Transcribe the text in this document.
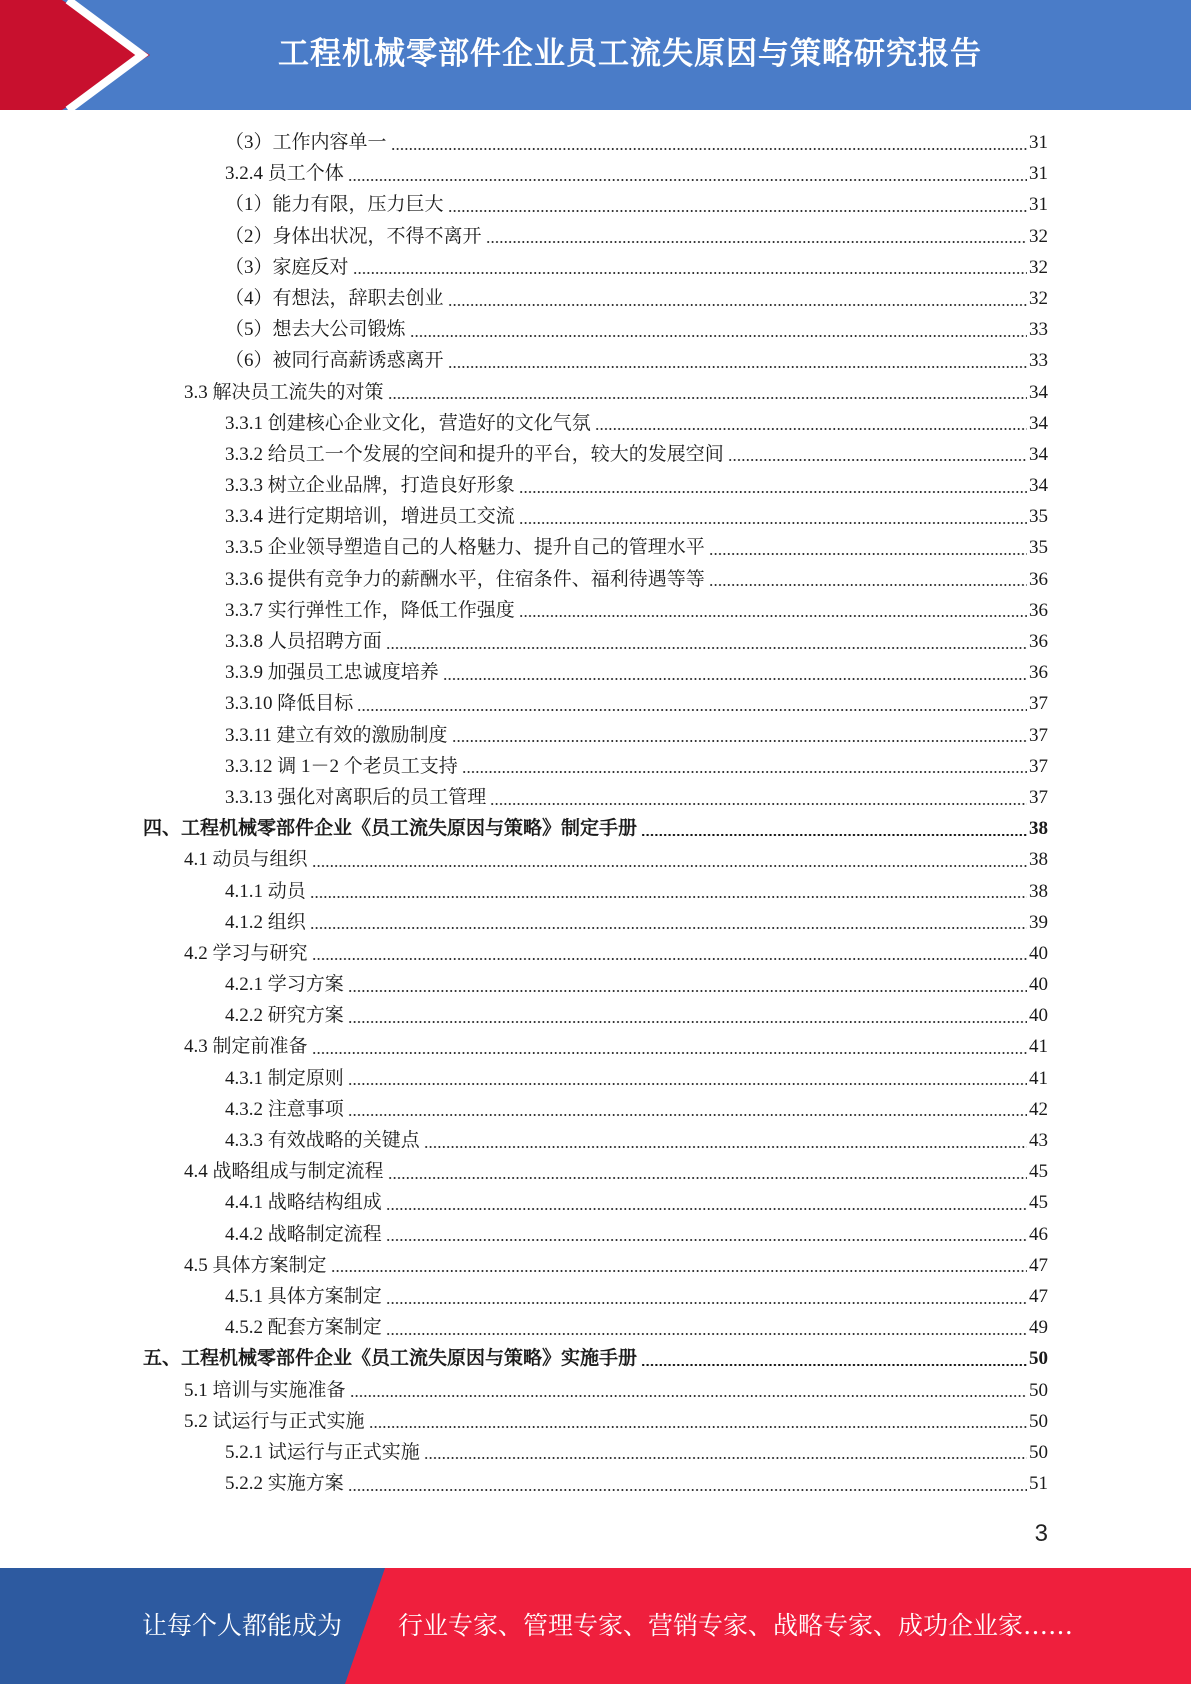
工程机械零部件企业员工流失原因与策略研究报告
（3）工作内容单一	31
3.2.4 员工个体	31
（1）能力有限，压力巨大	31
（2）身体出状况，不得不离开	32
（3）家庭反对	32
（4）有想法，辞职去创业	32
（5）想去大公司锻炼	33
（6）被同行高薪诱惑离开	33
3.3 解决员工流失的对策	34
3.3.1 创建核心企业文化，营造好的文化气氛	34
3.3.2 给员工一个发展的空间和提升的平台，较大的发展空间	34
3.3.3 树立企业品牌，打造良好形象	34
3.3.4 进行定期培训，增进员工交流	35
3.3.5 企业领导塑造自己的人格魅力、提升自己的管理水平	35
3.3.6 提供有竞争力的薪酬水平，住宿条件、福利待遇等等	36
3.3.7 实行弹性工作，降低工作强度	36
3.3.8 人员招聘方面	36
3.3.9 加强员工忠诚度培养	36
3.3.10 降低目标	37
3.3.11 建立有效的激励制度	37
3.3.12 调 1－2 个老员工支持	37
3.3.13 强化对离职后的员工管理	37
四、工程机械零部件企业《员工流失原因与策略》制定手册	38
4.1 动员与组织	38
4.1.1 动员	38
4.1.2 组织	39
4.2 学习与研究	40
4.2.1 学习方案	40
4.2.2 研究方案	40
4.3 制定前准备	41
4.3.1 制定原则	41
4.3.2 注意事项	42
4.3.3 有效战略的关键点	43
4.4 战略组成与制定流程	45
4.4.1 战略结构组成	45
4.4.2 战略制定流程	46
4.5 具体方案制定	47
4.5.1 具体方案制定	47
4.5.2 配套方案制定	49
五、工程机械零部件企业《员工流失原因与策略》实施手册	50
5.1 培训与实施准备	50
5.2 试运行与正式实施	50
5.2.1 试运行与正式实施	50
5.2.2 实施方案	51
3
让每个人都能成为 行业专家、管理专家、营销专家、战略专家、成功企业家……
